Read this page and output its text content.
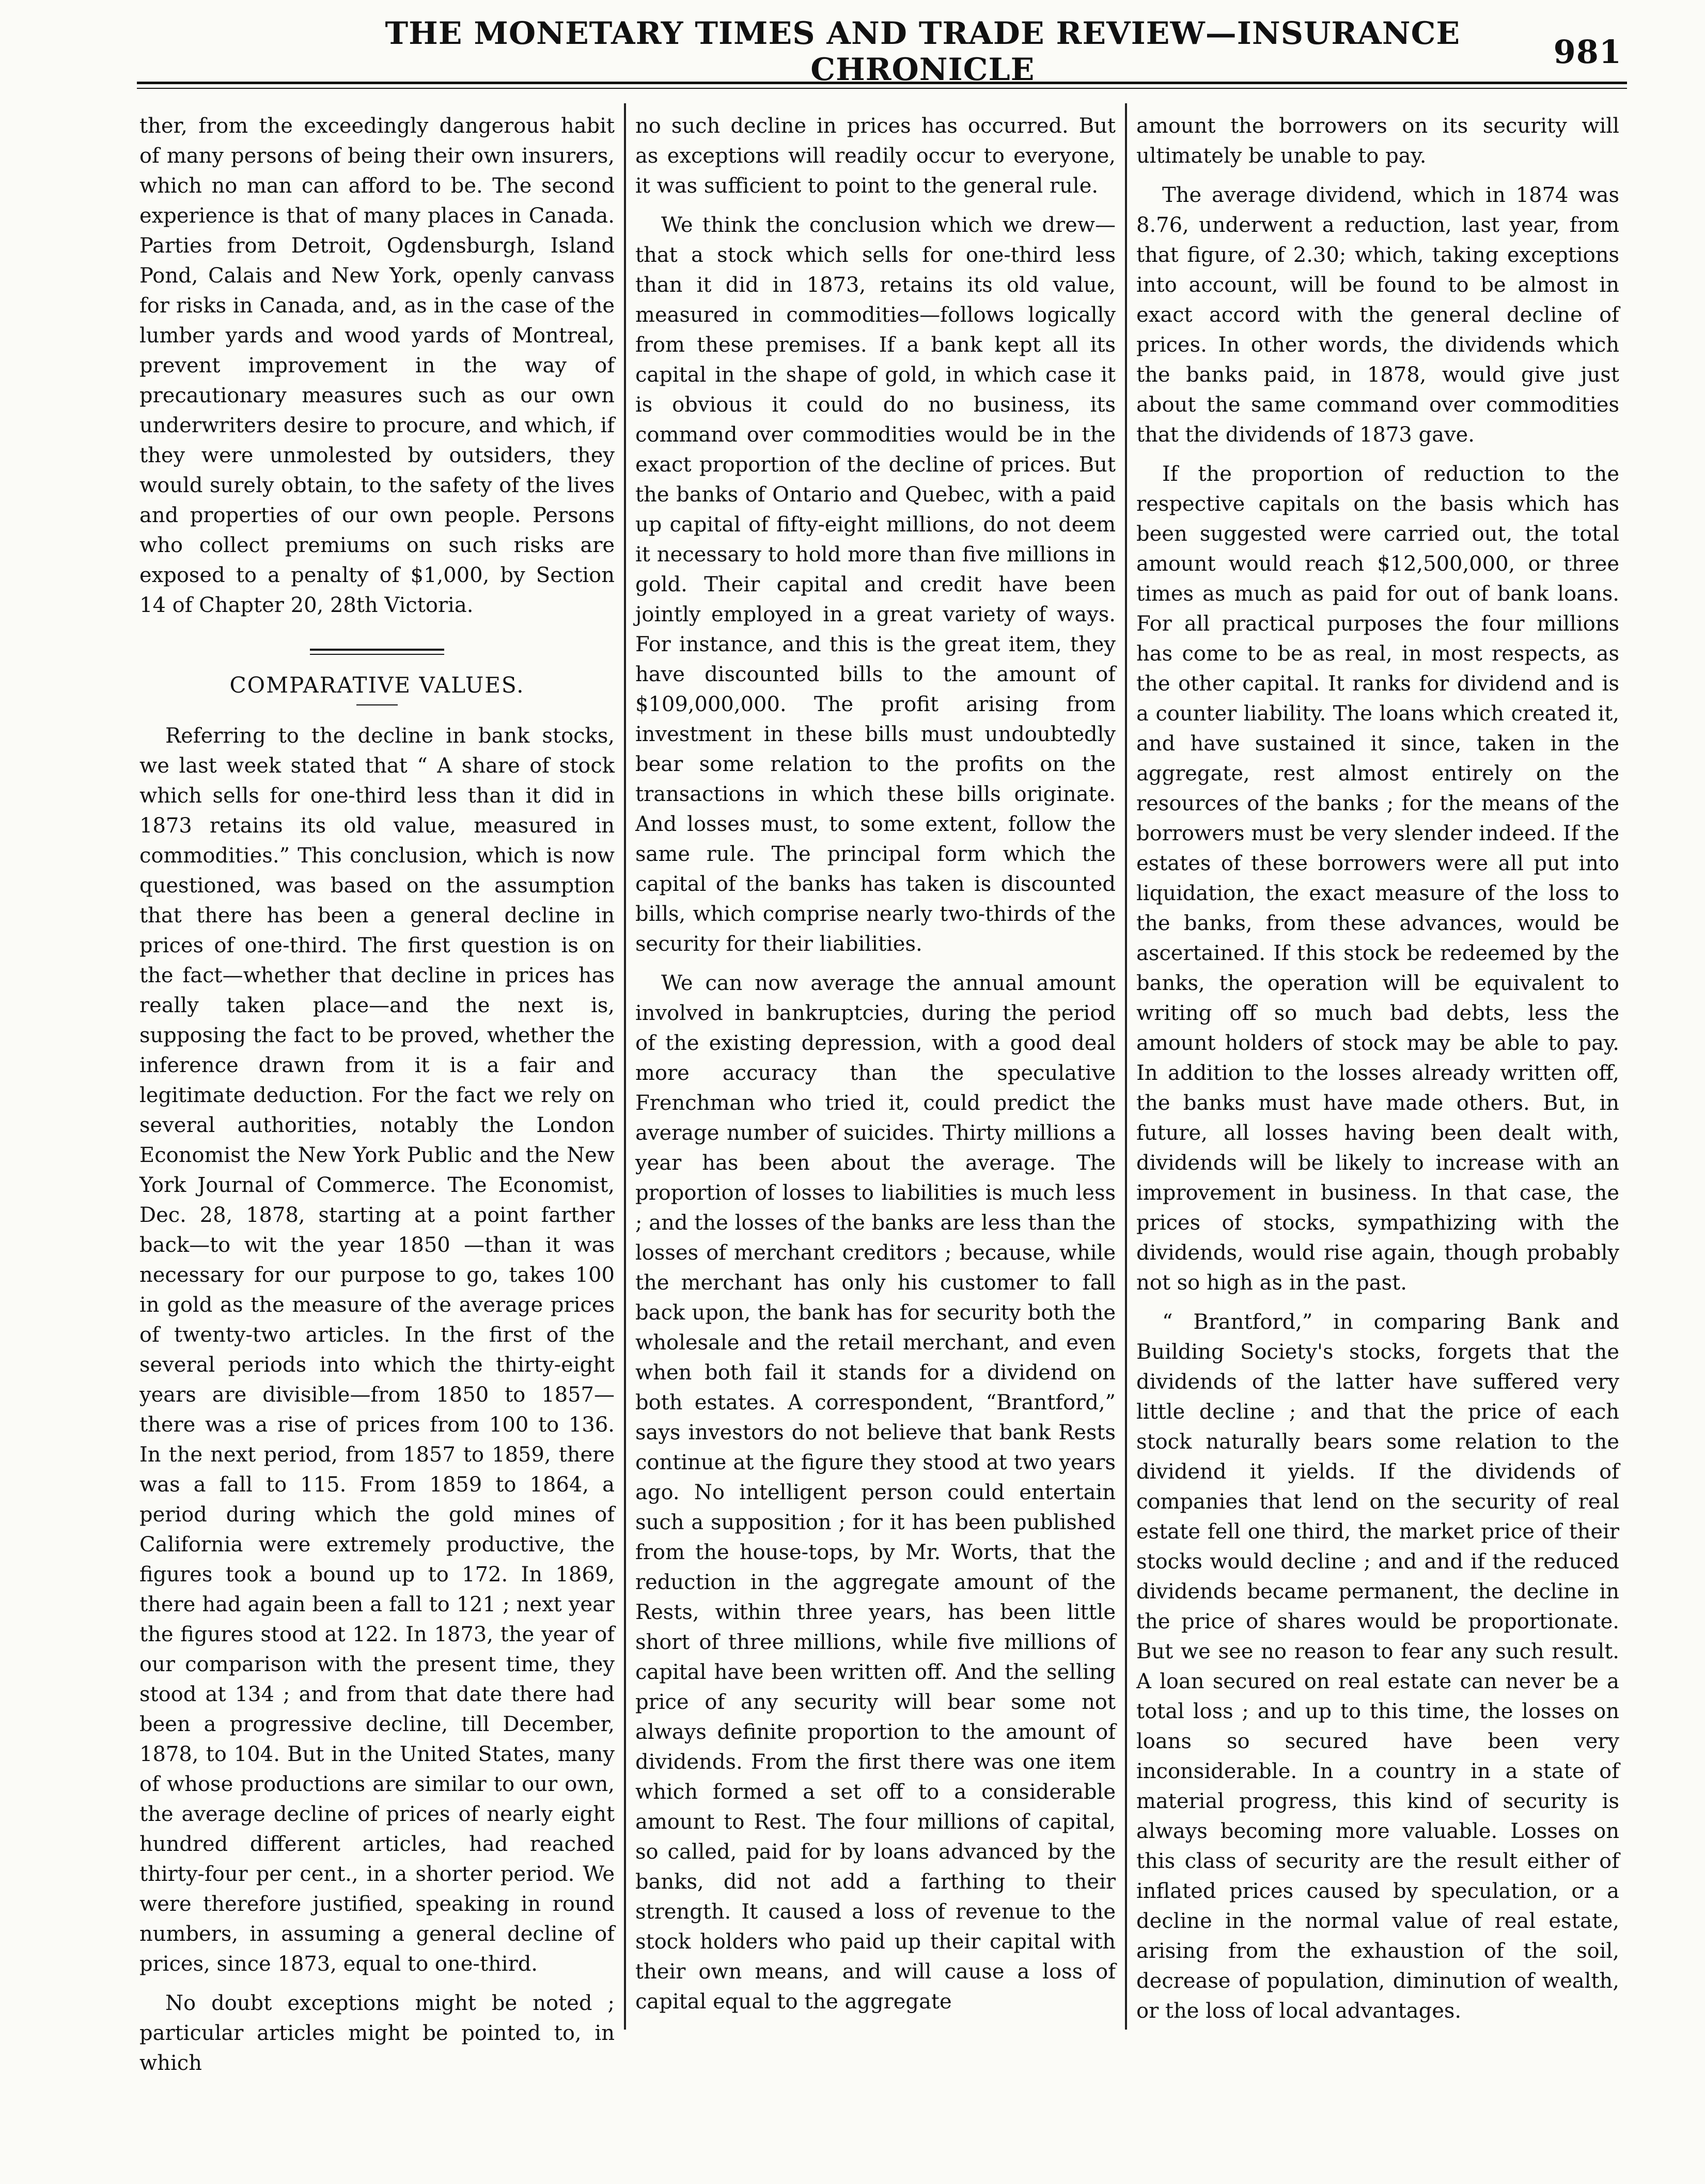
THE MONETARY TIMES AND TRADE REVIEW—INSURANCE CHRONICLE	981

ther, from the exceedingly dangerous habit of many persons of being their own insurers, which no man can afford to be. The second experience is that of many places in Canada. Parties from Detroit, Ogdensburgh, Island Pond, Calais and New York, openly canvass for risks in Canada, and, as in the case of the lumber yards and wood yards of Montreal, prevent improvement in the way of precautionary measures such as our own underwriters desire to procure, and which, if they were unmolested by outsiders, they would surely obtain, to the safety of the lives and properties of our own people. Persons who collect premiums on such risks are exposed to a penalty of $1,000, by Section 14 of Chapter 20, 28th Victoria.

COMPARATIVE VALUES.

Referring to the decline in bank stocks, we last week stated that “ A share of stock which sells for one-third less than it did in 1873 retains its old value, measured in commodities.” This conclusion, which is now questioned, was based on the assumption that there has been a general decline in prices of one-third. The first question is on the fact—whether that decline in prices has really taken place—and the next is, supposing the fact to be proved, whether the inference drawn from it is a fair and legitimate deduction. For the fact we rely on several authorities, notably the London Economist the New York Public and the New York Journal of Commerce. The Economist, Dec. 28, 1878, starting at a point farther back—to wit the year 1850 —than it was necessary for our purpose to go, takes 100 in gold as the measure of the average prices of twenty-two articles. In the first of the several periods into which the thirty-eight years are divisible—from 1850 to 1857—there was a rise of prices from 100 to 136. In the next period, from 1857 to 1859, there was a fall to 115. From 1859 to 1864, a period during which the gold mines of California were extremely productive, the figures took a bound up to 172. In 1869, there had again been a fall to 121 ; next year the figures stood at 122. In 1873, the year of our comparison with the present time, they stood at 134 ; and from that date there had been a progressive decline, till December, 1878, to 104. But in the United States, many of whose productions are similar to our own, the average decline of prices of nearly eight hundred different articles, had reached thirty-four per cent., in a shorter period. We were therefore justified, speaking in round numbers, in assuming a general decline of prices, since 1873, equal to one-third.

No doubt exceptions might be noted ; particular articles might be pointed to, in which

no such decline in prices has occurred. But as exceptions will readily occur to everyone, it was sufficient to point to the general rule.

We think the conclusion which we drew—that a stock which sells for one-third less than it did in 1873, retains its old value, measured in commodities—follows logically from these premises. If a bank kept all its capital in the shape of gold, in which case it is obvious it could do no business, its command over commodities would be in the exact proportion of the decline of prices. But the banks of Ontario and Quebec, with a paid up capital of fifty-eight millions, do not deem it necessary to hold more than five millions in gold. Their capital and credit have been jointly employed in a great variety of ways. For instance, and this is the great item, they have discounted bills to the amount of $109,000,000. The profit arising from investment in these bills must undoubtedly bear some relation to the profits on the transactions in which these bills originate. And losses must, to some extent, follow the same rule. The principal form which the capital of the banks has taken is discounted bills, which comprise nearly two-thirds of the security for their liabilities.

We can now average the annual amount involved in bankruptcies, during the period of the existing depression, with a good deal more accuracy than the speculative Frenchman who tried it, could predict the average number of suicides. Thirty millions a year has been about the average. The proportion of losses to liabilities is much less ; and the losses of the banks are less than the losses of merchant creditors ; because, while the merchant has only his customer to fall back upon, the bank has for security both the wholesale and the retail merchant, and even when both fail it stands for a dividend on both estates. A correspondent, “Brantford,” says investors do not believe that bank Rests continue at the figure they stood at two years ago. No intelligent person could entertain such a supposition ; for it has been published from the house-tops, by Mr. Worts, that the reduction in the aggregate amount of the Rests, within three years, has been little short of three millions, while five millions of capital have been written off. And the selling price of any security will bear some not always definite proportion to the amount of dividends. From the first there was one item which formed a set off to a considerable amount to Rest. The four millions of capital, so called, paid for by loans advanced by the banks, did not add a farthing to their strength. It caused a loss of revenue to the stock holders who paid up their capital with their own means, and will cause a loss of capital equal to the aggregate

amount the borrowers on its security will ultimately be unable to pay.

The average dividend, which in 1874 was 8.76, underwent a reduction, last year, from that figure, of 2.30; which, taking exceptions into account, will be found to be almost in exact accord with the general decline of prices. In other words, the dividends which the banks paid, in 1878, would give just about the same command over commodities that the dividends of 1873 gave.

If the proportion of reduction to the respective capitals on the basis which has been suggested were carried out, the total amount would reach $12,500,000, or three times as much as paid for out of bank loans. For all practical purposes the four millions has come to be as real, in most respects, as the other capital. It ranks for dividend and is a counter liability. The loans which created it, and have sustained it since, taken in the aggregate, rest almost entirely on the resources of the banks ; for the means of the borrowers must be very slender indeed. If the estates of these borrowers were all put into liquidation, the exact measure of the loss to the banks, from these advances, would be ascertained. If this stock be redeemed by the banks, the operation will be equivalent to writing off so much bad debts, less the amount holders of stock may be able to pay. In addition to the losses already written off, the banks must have made others. But, in future, all losses having been dealt with, dividends will be likely to increase with an improvement in business. In that case, the prices of stocks, sympathizing with the dividends, would rise again, though probably not so high as in the past.

“ Brantford,” in comparing Bank and Building Society's stocks, forgets that the dividends of the latter have suffered very little decline ; and that the price of each stock naturally bears some relation to the dividend it yields. If the dividends of companies that lend on the security of real estate fell one third, the market price of their stocks would decline ; and and if the reduced dividends became permanent, the decline in the price of shares would be proportionate. But we see no reason to fear any such result. A loan secured on real estate can never be a total loss ; and up to this time, the losses on loans so secured have been very inconsiderable. In a country in a state of material progress, this kind of security is always becoming more valuable. Losses on this class of security are the result either of inflated prices caused by speculation, or a decline in the normal value of real estate, arising from the exhaustion of the soil, decrease of population, diminution of wealth, or the loss of local advantages.
